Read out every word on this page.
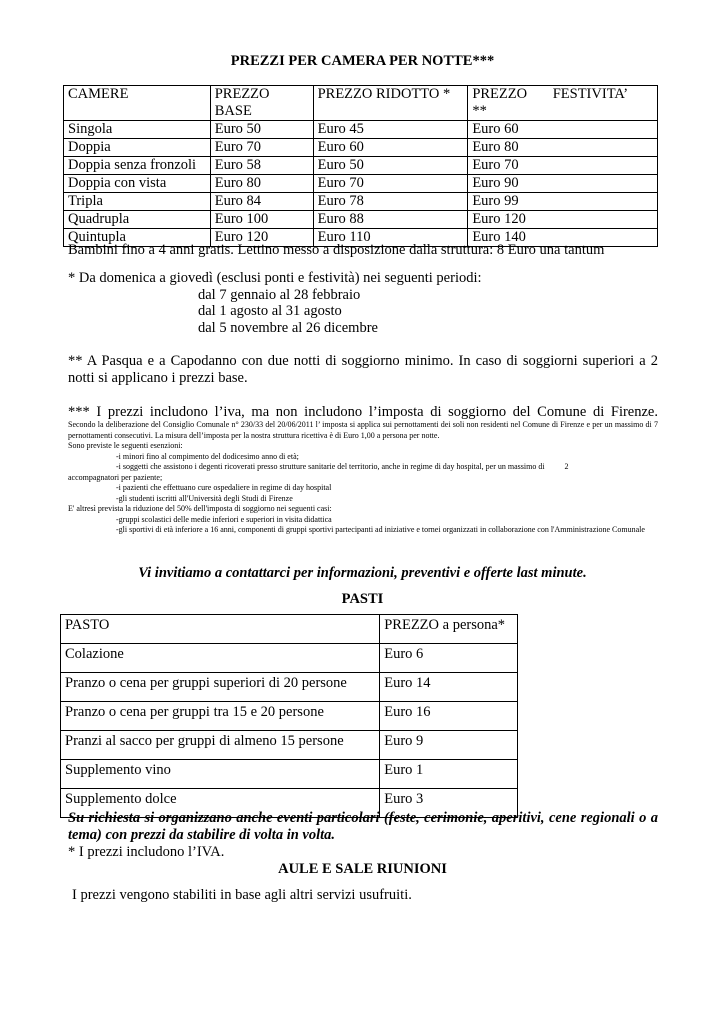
PREZZI PER CAMERA PER NOTTE***
CAMERE	PREZZO BASE	PREZZO RIDOTTO *	PREZZO FESTIVITA’ **
Singola	Euro 50	Euro 45	Euro 60
Doppia	Euro 70	Euro 60	Euro 80
Doppia senza fronzoli	Euro 58	Euro 50	Euro 70
Doppia con vista	Euro 80	Euro 70	Euro 90
Tripla	Euro 84	Euro 78	Euro 99
Quadrupla	Euro 100	Euro 88	Euro 120
Quintupla	Euro 120	Euro 110	Euro 140
Bambini fino a 4 anni gratis. Lettino messo a disposizione dalla struttura: 8 Euro una tantum
* Da domenica a giovedì (esclusi ponti e festività) nei seguenti periodi:
dal 7 gennaio al 28 febbraio
dal 1 agosto al 31 agosto
dal 5 novembre al 26 dicembre
** A Pasqua e a Capodanno con due notti di soggiorno minimo. In caso di soggiorni superiori a 2 notti si applicano i prezzi base.
*** I prezzi includono l’iva, ma non includono l’imposta di soggiorno del Comune di Firenze.
Secondo la deliberazione del Consiglio Comunale n° 230/33 del 20/06/2011 l’ imposta si applica sui pernottamenti dei soli non residenti nel Comune di Firenze e per un massimo di 7 pernottamenti consecutivi. La misura dell’imposta per la nostra struttura ricettiva è di Euro 1,00 a persona per notte.
Sono previste le seguenti esenzioni:
-i minori fino al compimento del dodicesimo anno di età;
-i soggetti che assistono i degenti ricoverati presso strutture sanitarie del territorio, anche in regime di day hospital, per un massimo di          2
accompagnatori per paziente;
-i pazienti che effettuano cure ospedaliere in regime di day hospital
-gli studenti iscritti all'Università degli Studi di Firenze
E' altresì prevista la riduzione del 50% dell'imposta di soggiorno nei seguenti casi:
-gruppi scolastici delle medie inferiori e superiori in visita didattica
-gli sportivi di età inferiore a 16 anni, componenti di gruppi sportivi partecipanti ad iniziative e tornei organizzati in collaborazione con l'Amministrazione Comunale
Vi invitiamo a contattarci per informazioni, preventivi e offerte last minute.
PASTI
PASTO	PREZZO a persona*
Colazione	Euro 6
Pranzo o cena per gruppi superiori di 20 persone	Euro 14
Pranzo o cena per gruppi tra 15 e 20 persone	Euro 16
Pranzi al sacco per gruppi di almeno 15 persone	Euro 9
Supplemento vino	Euro 1
Supplemento dolce	Euro 3
Su richiesta si organizzano anche eventi particolari (feste, cerimonie, aperitivi, cene regionali o a tema) con prezzi da stabilire di volta in volta.
* I prezzi includono l’IVA.
AULE E SALE RIUNIONI
I prezzi vengono stabiliti in base agli altri servizi usufruiti.
